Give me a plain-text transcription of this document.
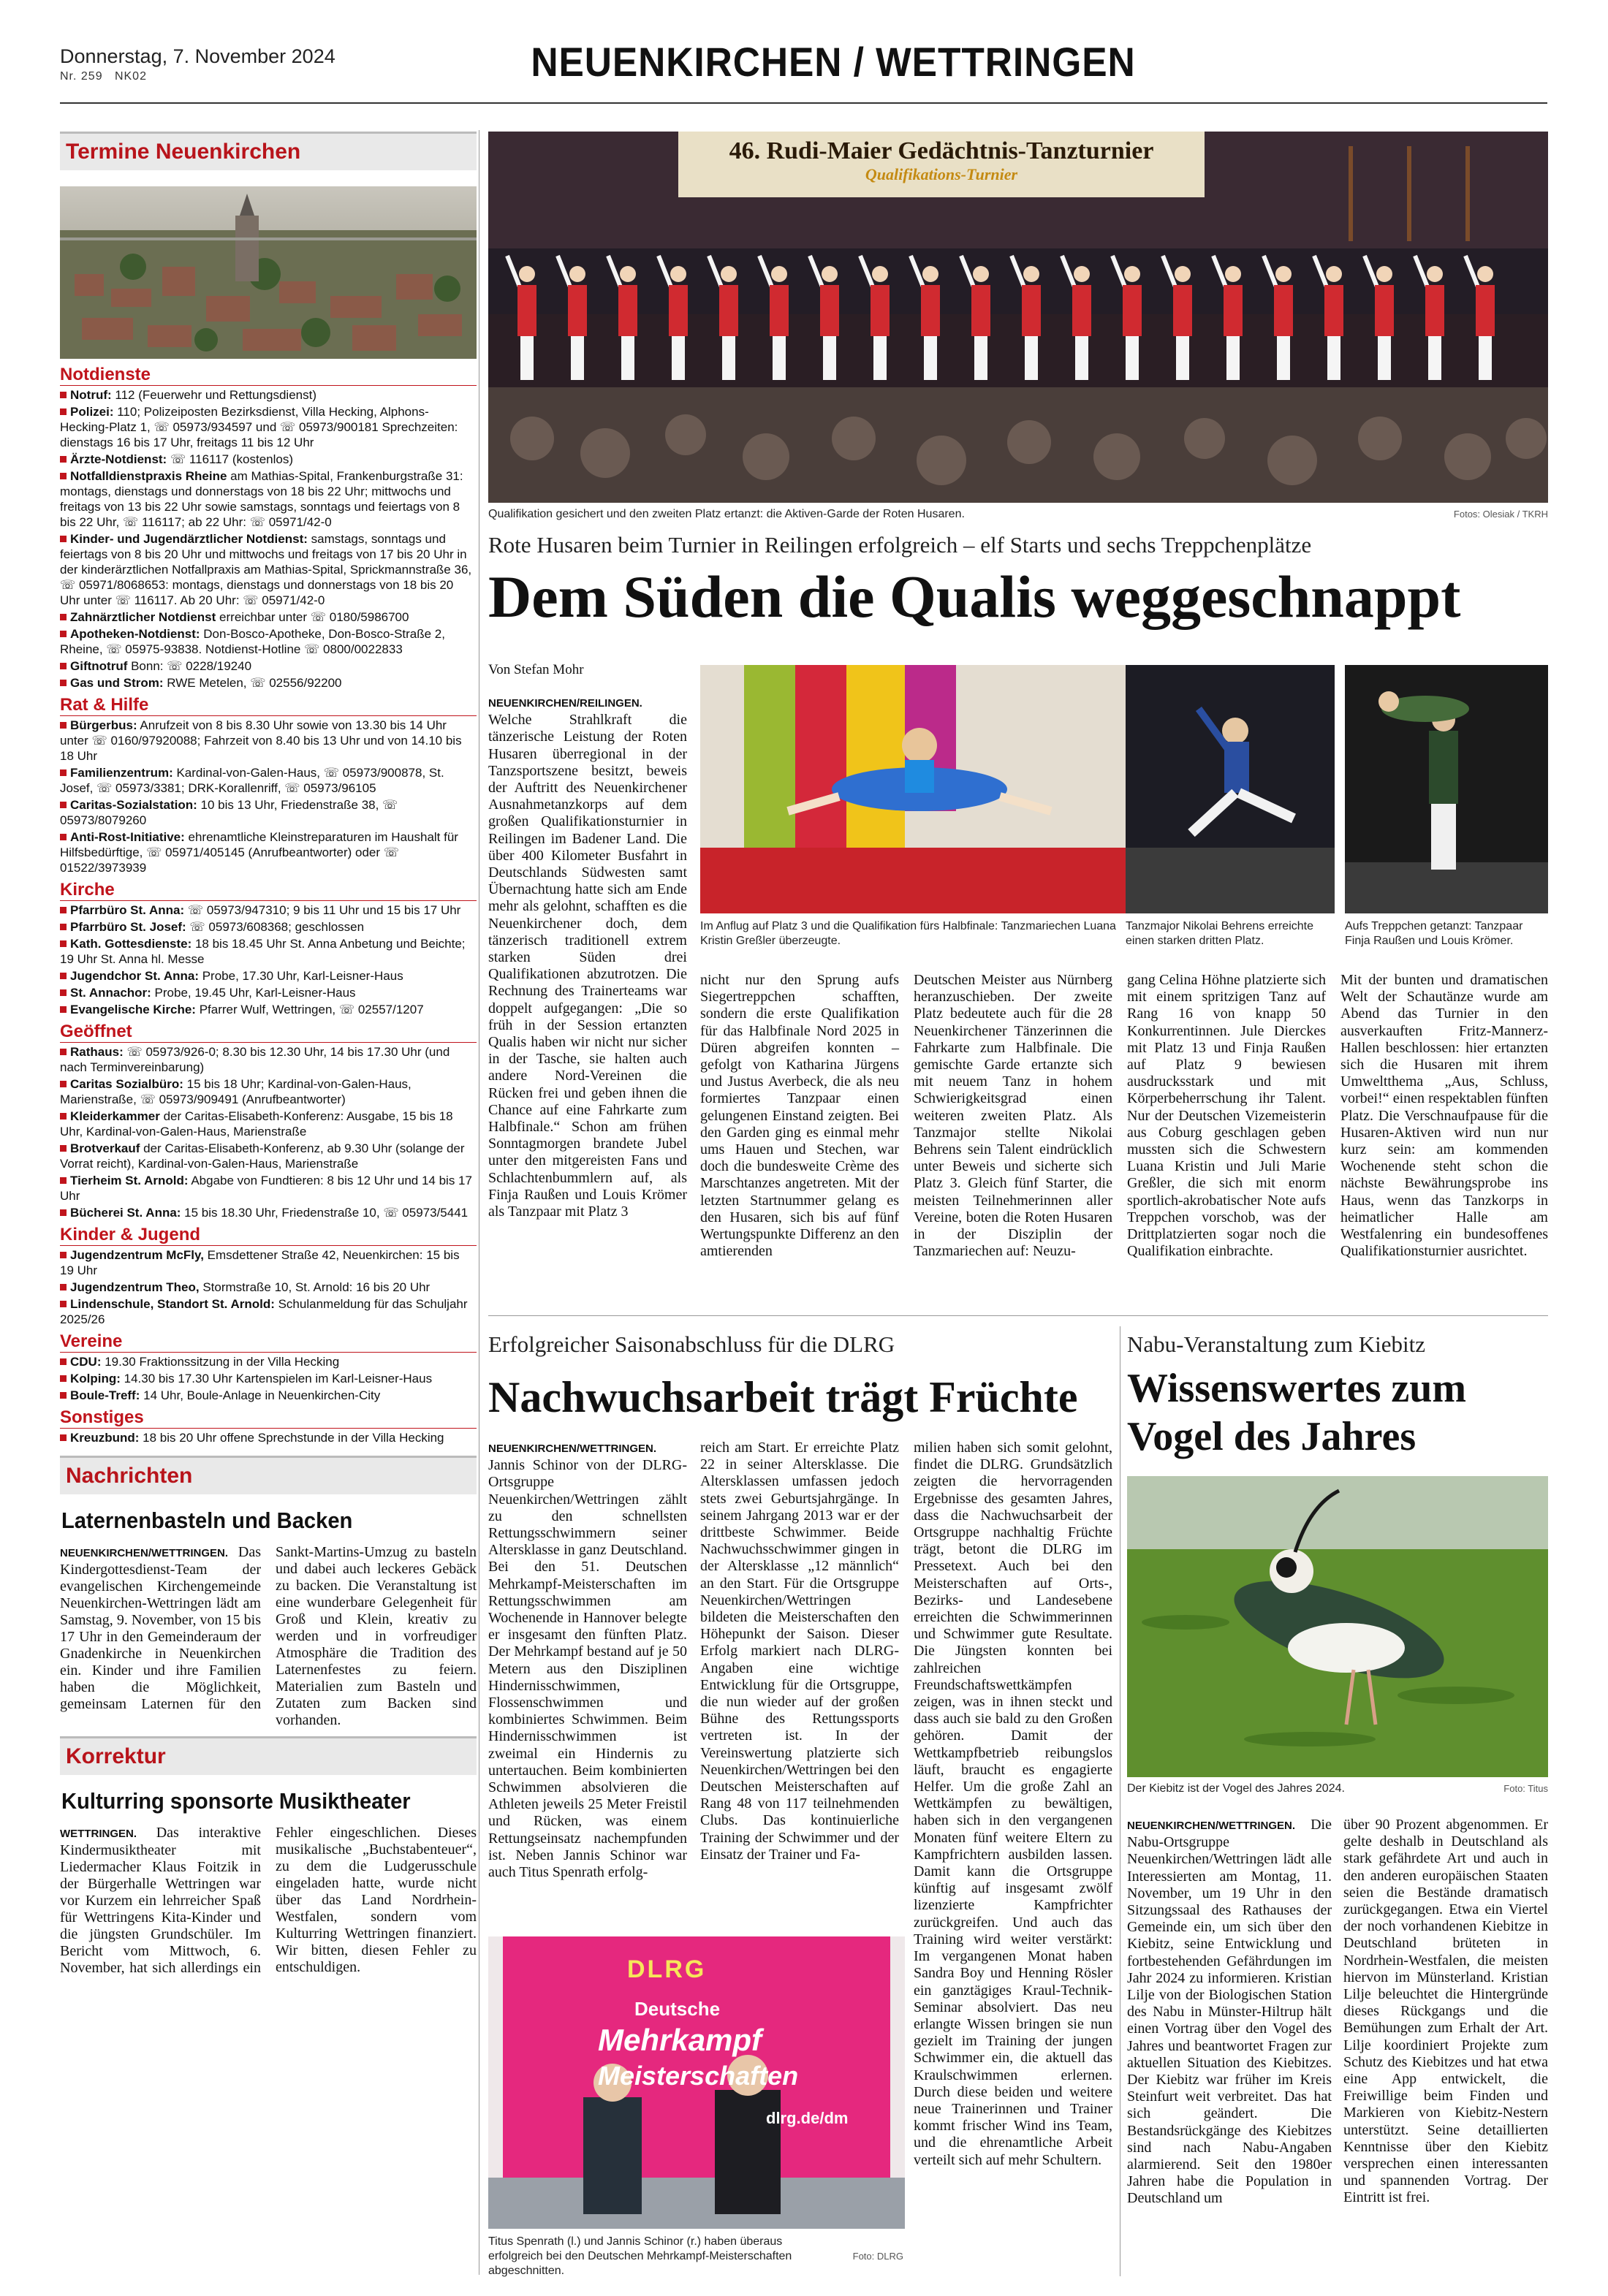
Donnerstag, 7. November 2024
Nr. 259 NK02	NEUENKIRCHEN / WETTRINGEN
Termine Neuenkirchen
Notdienste
Notruf: 112 (Feuerwehr und Rettungsdienst)
Polizei: 110; Polizeiposten Bezirksdienst, Villa Hecking, Alphons-Hecking-Platz 1, ☏ 05973/934597 und ☏ 05973/900181 Sprechzeiten: dienstags 16 bis 17 Uhr, freitags 11 bis 12 Uhr
Ärzte-Notdienst: ☏ 116117 (kostenlos)
Notfalldienstpraxis Rheine am Mathias-Spital, Frankenburgstraße 31: montags, dienstags und donnerstags von 18 bis 22 Uhr; mittwochs und freitags von 13 bis 22 Uhr sowie samstags, sonntags und feiertags von 8 bis 22 Uhr, ☏ 116117; ab 22 Uhr: ☏ 05971/42-0
Kinder- und Jugendärztlicher Notdienst: samstags, sonntags und feiertags von 8 bis 20 Uhr und mittwochs und freitags von 17 bis 20 Uhr in der kinderärztlichen Notfallpraxis am Mathias-Spital, Sprickmannstraße 36, ☏ 05971/8068653: montags, dienstags und donnerstags von 18 bis 20 Uhr unter ☏ 116117. Ab 20 Uhr: ☏ 05971/42-0
Zahnärztlicher Notdienst erreichbar unter ☏ 0180/5986700
Apotheken-Notdienst: Don-Bosco-Apotheke, Don-Bosco-Straße 2, Rheine, ☏ 05975-93838. Notdienst-Hotline ☏ 0800/0022833
Giftnotruf Bonn: ☏ 0228/19240
Gas und Strom: RWE Metelen, ☏ 02556/92200
Rat & Hilfe
Bürgerbus: Anrufzeit von 8 bis 8.30 Uhr sowie von 13.30 bis 14 Uhr unter ☏ 0160/97920088; Fahrzeit von 8.40 bis 13 Uhr und von 14.10 bis 18 Uhr
Familienzentrum: Kardinal-von-Galen-Haus, ☏ 05973/900878, St. Josef, ☏ 05973/3381; DRK-Korallenriff, ☏ 05973/96105
Caritas-Sozialstation: 10 bis 13 Uhr, Friedenstraße 38, ☏ 05973/8079260
Anti-Rost-Initiative: ehrenamtliche Kleinstreparaturen im Haushalt für Hilfsbedürftige, ☏ 05971/405145 (Anrufbeantworter) oder ☏ 01522/3973939
Kirche
Pfarrbüro St. Anna: ☏ 05973/947310; 9 bis 11 Uhr und 15 bis 17 Uhr
Pfarrbüro St. Josef: ☏ 05973/608368; geschlossen
Kath. Gottesdienste: 18 bis 18.45 Uhr St. Anna Anbetung und Beichte; 19 Uhr St. Anna hl. Messe
Jugendchor St. Anna: Probe, 17.30 Uhr, Karl-Leisner-Haus
St. Annachor: Probe, 19.45 Uhr, Karl-Leisner-Haus
Evangelische Kirche: Pfarrer Wulf, Wettringen, ☏ 02557/1207
Geöffnet
Rathaus: ☏ 05973/926-0; 8.30 bis 12.30 Uhr, 14 bis 17.30 Uhr (und nach Terminvereinbarung)
Caritas Sozialbüro: 15 bis 18 Uhr; Kardinal-von-Galen-Haus, Marienstraße, ☏ 05973/909491 (Anrufbeantworter)
Kleiderkammer der Caritas-Elisabeth-Konferenz: Ausgabe, 15 bis 18 Uhr, Kardinal-von-Galen-Haus, Marienstraße
Brotverkauf der Caritas-Elisabeth-Konferenz, ab 9.30 Uhr (solange der Vorrat reicht), Kardinal-von-Galen-Haus, Marienstraße
Tierheim St. Arnold: Abgabe von Fundtieren: 8 bis 12 Uhr und 14 bis 17 Uhr
Bücherei St. Anna: 15 bis 18.30 Uhr, Friedenstraße 10, ☏ 05973/5441
Kinder & Jugend
Jugendzentrum McFly, Emsdettener Straße 42, Neuenkirchen: 15 bis 19 Uhr
Jugendzentrum Theo, Stormstraße 10, St. Arnold: 16 bis 20 Uhr
Lindenschule, Standort St. Arnold: Schulanmeldung für das Schuljahr 2025/26
Vereine
CDU: 19.30 Fraktionssitzung in der Villa Hecking
Kolping: 14.30 bis 17.30 Uhr Kartenspielen im Karl-Leisner-Haus
Boule-Treff: 14 Uhr, Boule-Anlage in Neuenkirchen-City
Sonstiges
Kreuzbund: 18 bis 20 Uhr offene Sprechstunde in der Villa Hecking
Nachrichten
Laternenbasteln und Backen
NEUENKIRCHEN/WETTRINGEN. Das Kindergottesdienst-Team der evangelischen Kirchengemeinde Neuenkirchen-Wettringen lädt am Samstag, 9. November, von 15 bis 17 Uhr in den Gemeinderaum der Gnadenkirche in Neuenkirchen ein. Kinder und ihre Familien haben die Möglichkeit, gemeinsam Laternen für den Sankt-Martins-Umzug zu basteln und dabei auch leckeres Gebäck zu backen. Die Veranstaltung ist eine wunderbare Gelegenheit für Groß und Klein, kreativ zu werden und in vorfreudiger Atmosphäre die Tradition des Laternenfestes zu feiern. Materialien zum Basteln und Zutaten zum Backen sind vorhanden.
Korrektur
Kulturring sponsorte Musiktheater
WETTRINGEN. Das interaktive Kindermusiktheater mit Liedermacher Klaus Foitzik in der Bürgerhalle Wettringen war vor Kurzem ein lehrreicher Spaß für Wettringens Kita-Kinder und die jüngsten Grundschüler. Im Bericht vom Mittwoch, 6. November, hat sich allerdings ein Fehler eingeschlichen. Dieses musikalische „Buchstabenteuer“, zu dem die Ludgerusschule eingeladen hatte, wurde nicht über das Land Nordrhein-Westfalen, sondern vom Kulturring Wettringen finanziert. Wir bitten, diesen Fehler zu entschuldigen.
46. Rudi-Maier Gedächtnis-Tanzturnier
Qualifikations-Turnier
Qualifikation gesichert und den zweiten Platz ertanzt: die Aktiven-Garde der Roten Husaren.	Fotos: Olesiak / TKRH
Rote Husaren beim Turnier in Reilingen erfolgreich – elf Starts und sechs Treppchenplätze
Dem Süden die Qualis weggeschnappt
Von Stefan Mohr
NEUENKIRCHEN/REILINGEN. Welche Strahlkraft die tänzerische Leistung der Roten Husaren überregional in der Tanzsportszene besitzt, beweis der Auftritt des Neuenkirchener Ausnahmetanzkorps auf dem großen Qualifikationsturnier in Reilingen im Badener Land. Die über 400 Kilometer Busfahrt in Deutschlands Südwesten samt Übernachtung hatte sich am Ende mehr als gelohnt, schafften es die Neuenkirchener doch, dem tänzerisch traditionell extrem starken Süden drei Qualifikationen abzutrotzen. Die Rechnung des Trainerteams war doppelt aufgegangen: „Die so früh in der Session ertanzten Qualis haben wir nicht nur sicher in der Tasche, sie halten auch andere Nord-Vereinen die Rücken frei und geben ihnen die Chance auf eine Fahrkarte zum Halbfinale.“ Schon am frühen Sonntagmorgen brandete Jubel unter den mitgereisten Fans und Schlachtenbummlern auf, als Finja Raußen und Louis Krömer als Tanzpaar mit Platz 3
Im Anflug auf Platz 3 und die Qualifikation fürs Halbfinale: Tanzmariechen Luana Kristin Greßler überzeugte.
Tanzmajor Nikolai Behrens erreichte einen starken dritten Platz.
Aufs Treppchen getanzt: Tanzpaar Finja Raußen und Louis Krömer.
nicht nur den Sprung aufs Siegertreppchen schafften, sondern die erste Qualifikation für das Halbfinale Nord 2025 in Düren abgreifen konnten – gefolgt von Katharina Jürgens und Justus Averbeck, die als neu formiertes Tanzpaar einen gelungenen Einstand zeigten. Bei den Garden ging es einmal mehr ums Hauen und Stechen, war doch die bundesweite Crème des Marschtanzes angetreten. Mit der letzten Startnummer gelang es den Husaren, sich bis auf fünf Wertungspunkte Differenz an den amtierenden
Deutschen Meister aus Nürnberg heranzuschieben. Der zweite Platz bedeutete auch für die 28 Neuenkirchener Tänzerinnen die Fahrkarte zum Halbfinale. Die gemischte Garde ertanzte sich mit neuem Tanz in hohem Schwierigkeitsgrad einen weiteren zweiten Platz. Als Tanzmajor stellte Nikolai Behrens sein Talent eindrücklich unter Beweis und sicherte sich Platz 3. Gleich fünf Starter, die meisten Teilnehmerinnen aller Vereine, boten die Roten Husaren in der Disziplin der Tanzmariechen auf: Neuzu-
gang Celina Höhne platzierte sich mit einem spritzigen Tanz auf Rang 16 von knapp 50 Konkurrentinnen. Jule Dierckes mit Platz 13 und Finja Raußen auf Platz 9 bewiesen ausdrucksstark und mit Körperbeherrschung ihr Talent. Nur der Deutschen Vizemeisterin aus Coburg geschlagen geben mussten sich die Schwestern Luana Kristin und Juli Marie Greßler, die sich mit enorm sportlich-akrobatischer Note aufs Treppchen vorschob, was der Drittplatzierten sogar noch die Qualifikation einbrachte.
Mit der bunten und dramatischen Welt der Schautänze wurde am Abend das Turnier in den ausverkauften Fritz-Mannerz-Hallen beschlossen: hier ertanzten sich die Husaren mit ihrem Umweltthema „Aus, Schluss, vorbei!“ einen respektablen fünften Platz. Die Verschnaufpause für die Husaren-Aktiven wird nun nur kurz sein: am kommenden Wochenende steht schon die nächste Bewährungsprobe ins Haus, wenn das Tanzkorps in heimatlicher Halle am Westfalenring ein bundesoffenes Qualifikationsturnier ausrichtet.
Erfolgreicher Saisonabschluss für die DLRG
Nachwuchsarbeit trägt Früchte
NEUENKIRCHEN/WETTRINGEN. Jannis Schinor von der DLRG-Ortsgruppe Neuenkirchen/Wettringen zählt zu den schnellsten Rettungsschwimmern seiner Altersklasse in ganz Deutschland. Bei den 51. Deutschen Mehrkampf-Meisterschaften im Rettungsschwimmen am Wochenende in Hannover belegte er insgesamt den fünften Platz. Der Mehrkampf bestand auf je 50 Metern aus den Disziplinen Hindernisschwimmen, Flossenschwimmen und kombiniertes Schwimmen. Beim Hindernisschwimmen ist zweimal ein Hindernis zu untertauchen. Beim kombinierten Schwimmen absolvieren die Athleten jeweils 25 Meter Freistil und Rücken, was einem Rettungseinsatz nachempfunden ist. Neben Jannis Schinor war auch Titus Spenrath erfolg-
reich am Start. Er erreichte Platz 22 in seiner Altersklasse. Die Altersklassen umfassen jedoch stets zwei Geburtsjahrgänge. In seinem Jahrgang 2013 war er der drittbeste Schwimmer. Beide Nachwuchsschwimmer gingen in der Altersklasse „12 männlich“ an den Start. Für die Ortsgruppe Neuenkirchen/Wettringen bildeten die Meisterschaften den Höhepunkt der Saison. Dieser Erfolg markiert nach DLRG-Angaben eine wichtige Entwicklung für die Ortsgruppe, die nun wieder auf der großen Bühne des Rettungssports vertreten ist. In der Vereinswertung platzierte sich Neuenkirchen/Wettringen bei den Deutschen Meisterschaften auf Rang 48 von 117 teilnehmenden Clubs. Das kontinuierliche Training der Schwimmer und der Einsatz der Trainer und Fa-
milien haben sich somit gelohnt, findet die DLRG. Grundsätzlich zeigten die hervorragenden Ergebnisse des gesamten Jahres, dass die Nachwuchsarbeit der Ortsgruppe nachhaltig Früchte trägt, betont die DLRG im Pressetext. Auch bei den Meisterschaften auf Orts-, Bezirks- und Landesebene erreichten die Schwimmerinnen und Schwimmer gute Resultate. Die Jüngsten konnten bei zahlreichen Freundschaftswettkämpfen zeigen, was in ihnen steckt und dass auch sie bald zu den Großen gehören. Damit der Wettkampfbetrieb reibungslos läuft, braucht es engagierte Helfer. Um die große Zahl an Wettkämpfen zu bewältigen, haben sich in den vergangenen Monaten fünf weitere Eltern zu Kampfrichtern ausbilden lassen. Damit kann die Ortsgruppe künftig auf insgesamt zwölf lizenzierte Kampfrichter zurückgreifen. Und auch das Training wird weiter verstärkt: Im vergangenen Monat haben Sandra Boy und Henning Rösler ein ganztägiges Kraul-Technik-Seminar absolviert. Das neu erlangte Wissen bringen sie nun gezielt im Training der jungen Schwimmer ein, die aktuell das Kraulschwimmen erlernen. Durch diese beiden und weitere neue Trainerinnen und Trainer kommt frischer Wind ins Team, und die ehrenamtliche Arbeit verteilt sich auf mehr Schultern.
DLRG
Deutsche
Mehrkampf
Meisterschaften
dlrg.de/dm
Titus Spenrath (l.) und Jannis Schinor (r.) haben überaus erfolgreich bei den Deutschen Mehrkampf-Meisterschaften abgeschnitten.
Foto: DLRG
Nabu-Veranstaltung zum Kiebitz
Wissenswertes zum
Vogel des Jahres
Der Kiebitz ist der Vogel des Jahres 2024.	Foto: Titus
NEUENKIRCHEN/WETTRINGEN. Die Nabu-Ortsgruppe Neuenkirchen/Wettringen lädt alle Interessierten am Montag, 11. November, um 19 Uhr in den Sitzungssaal des Rathauses der Gemeinde ein, um sich über den Kiebitz, seine Entwicklung und fortbestehenden Gefährdungen im Jahr 2024 zu informieren. Kristian Lilje von der Biologischen Station des Nabu in Münster-Hiltrup hält einen Vortrag über den Vogel des Jahres und beantwortet Fragen zur aktuellen Situation des Kiebitzes. Der Kiebitz war früher im Kreis Steinfurt weit verbreitet. Das hat sich geändert. Die Bestandsrückgänge des Kiebitzes sind nach Nabu-Angaben alarmierend. Seit den 1980er Jahren habe die Population in Deutschland um
über 90 Prozent abgenommen. Er gelte deshalb in Deutschland als stark gefährdete Art und auch in den anderen europäischen Staaten seien die Bestände dramatisch zurückgegangen. Etwa ein Viertel der noch vorhandenen Kiebitze in Deutschland brüteten in Nordrhein-Westfalen, die meisten hiervon im Münsterland. Kristian Lilje beleuchtet die Hintergründe dieses Rückgangs und die Bemühungen zum Erhalt der Art. Lilje koordiniert Projekte zum Schutz des Kiebitzes und hat etwa eine App entwickelt, die Freiwillige beim Finden und Markieren von Kiebitz-Nestern unterstützt. Seine detaillierten Kenntnisse über den Kiebitz versprechen einen interessanten und spannenden Vortrag. Der Eintritt ist frei.
